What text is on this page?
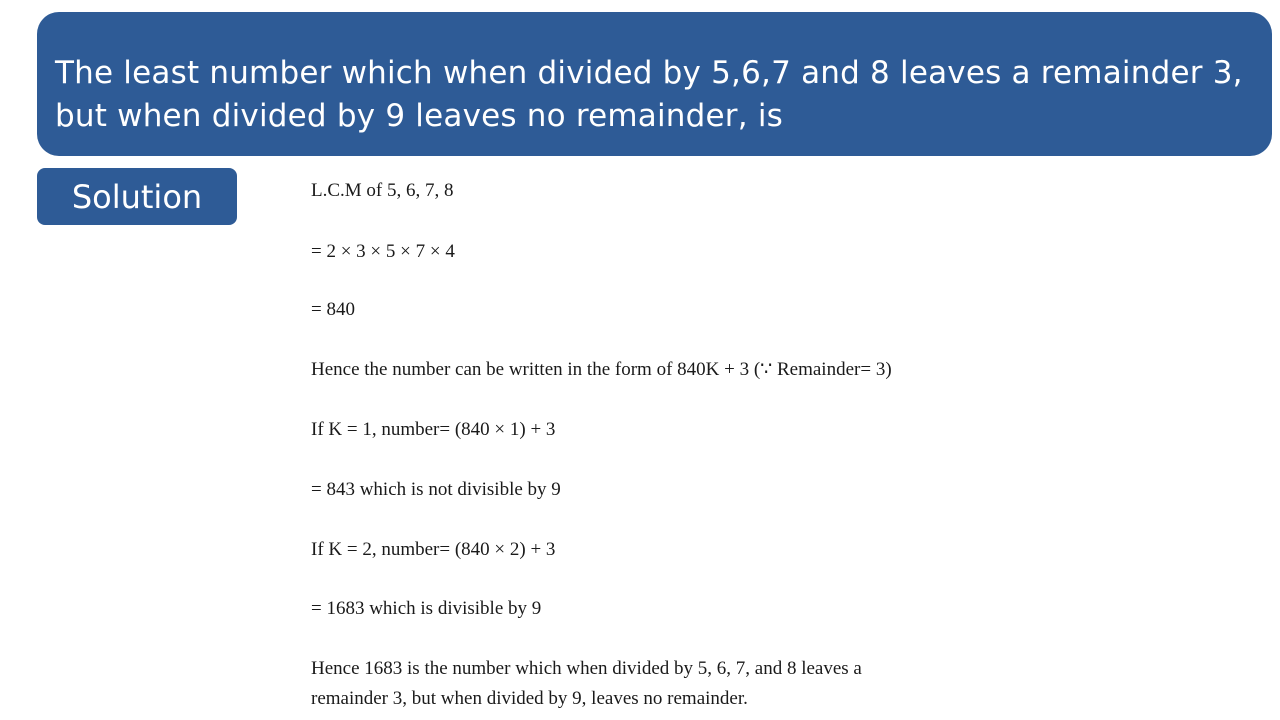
The least number which when divided by 5,6,7 and 8 leaves a remainder 3, but when divided by 9 leaves no remainder, is

Solution	L.C.M of 5, 6, 7, 8

= 2 × 3 × 5 × 7 × 4

= 840

Hence the number can be written in the form of 840K + 3 (∵ Remainder= 3)

If K = 1, number= (840 × 1) + 3

= 843 which is not divisible by 9

If K = 2, number= (840 × 2) + 3

= 1683 which is divisible by 9

Hence 1683 is the number which when divided by 5, 6, 7, and 8 leaves a

remainder 3, but when divided by 9, leaves no remainder.
